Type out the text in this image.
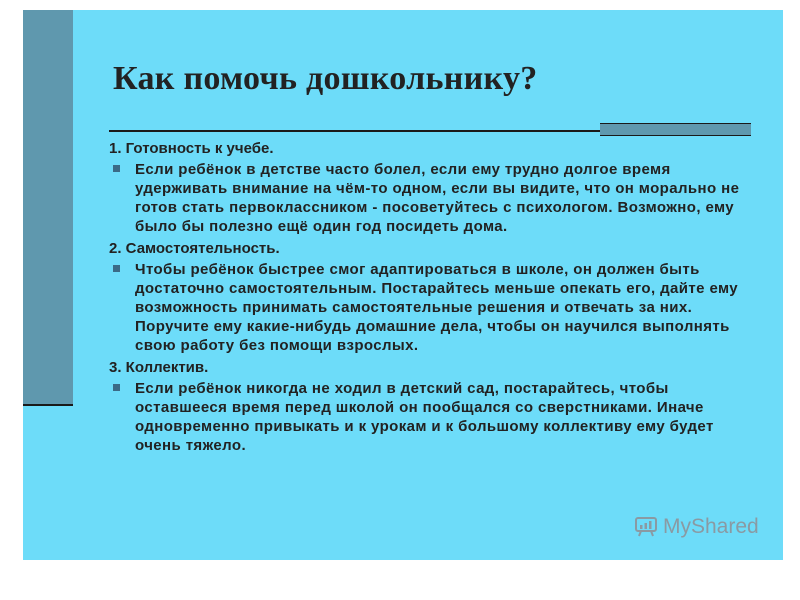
Как помочь дошкольнику?

1. Готовность к учебе.

Если ребёнок в детстве часто болел, если ему трудно долгое время удерживать внимание на чём-то одном, если вы видите, что он морально не готов стать первоклассником - посоветуйтесь с психологом. Возможно, ему было бы полезно ещё один год посидеть дома.

2. Самостоятельность.

Чтобы ребёнок быстрее смог адаптироваться в школе, он должен быть достаточно самостоятельным. Постарайтесь меньше опекать его, дайте ему возможность принимать самостоятельные решения и отвечать за них. Поручите ему какие-нибудь домашние дела, чтобы он научился выполнять свою работу без помощи взрослых.

3. Коллектив.

Если ребёнок никогда не ходил в детский сад, постарайтесь, чтобы оставшееся время перед школой он пообщался со сверстниками. Иначе одновременно привыкать и к урокам и к большому коллективу ему будет очень тяжело.
MyShared
